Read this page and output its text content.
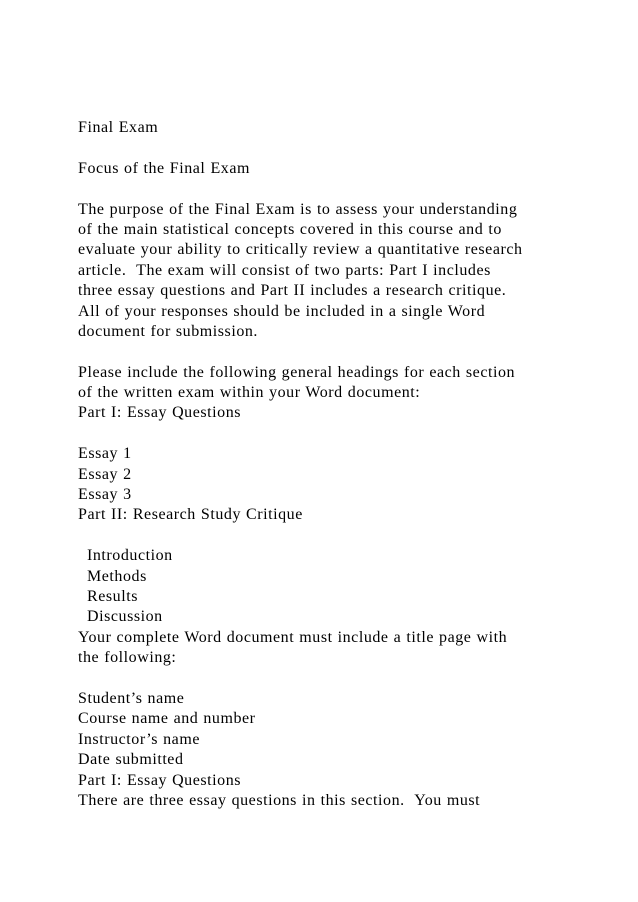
Final Exam
Focus of the Final Exam
The purpose of the Final Exam is to assess your understanding
of the main statistical concepts covered in this course and to
evaluate your ability to critically review a quantitative research
article.  The exam will consist of two parts: Part I includes
three essay questions and Part II includes a research critique.
All of your responses should be included in a single Word
document for submission.
Please include the following general headings for each section
of the written exam within your Word document:
Part I: Essay Questions
Essay 1
Essay 2
Essay 3
Part II: Research Study Critique
Introduction
Methods
Results
Discussion
Your complete Word document must include a title page with
the following:
Student’s name
Course name and number
Instructor’s name
Date submitted
Part I: Essay Questions
There are three essay questions in this section.  You must
